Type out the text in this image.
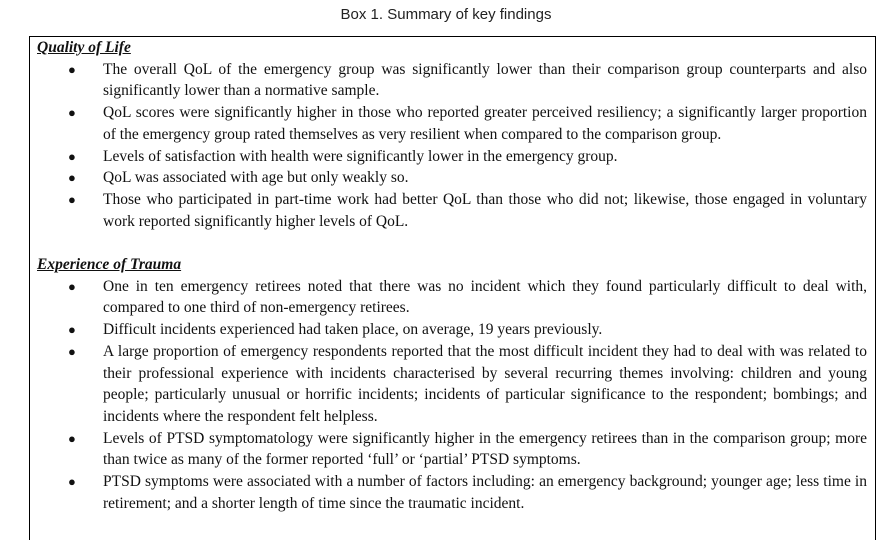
Box 1. Summary of key findings
Quality of Life
● The overall QoL of the emergency group was significantly lower than their comparison group counterparts and also significantly lower than a normative sample.
● QoL scores were significantly higher in those who reported greater perceived resiliency; a significantly larger proportion of the emergency group rated themselves as very resilient when compared to the comparison group.
● Levels of satisfaction with health were significantly lower in the emergency group.
● QoL was associated with age but only weakly so.
● Those who participated in part-time work had better QoL than those who did not; likewise, those engaged in voluntary work reported significantly higher levels of QoL.
Experience of Trauma
● One in ten emergency retirees noted that there was no incident which they found particularly difficult to deal with, compared to one third of non-emergency retirees.
● Difficult incidents experienced had taken place, on average, 19 years previously.
● A large proportion of emergency respondents reported that the most difficult incident they had to deal with was related to their professional experience with incidents characterised by several recurring themes involving: children and young people; particularly unusual or horrific incidents; incidents of particular significance to the respondent; bombings; and incidents where the respondent felt helpless.
● Levels of PTSD symptomatology were significantly higher in the emergency retirees than in the comparison group; more than twice as many of the former reported ‘full’ or ‘partial’ PTSD symptoms.
● PTSD symptoms were associated with a number of factors including: an emergency background; younger age; less time in retirement; and a shorter length of time since the traumatic incident.
